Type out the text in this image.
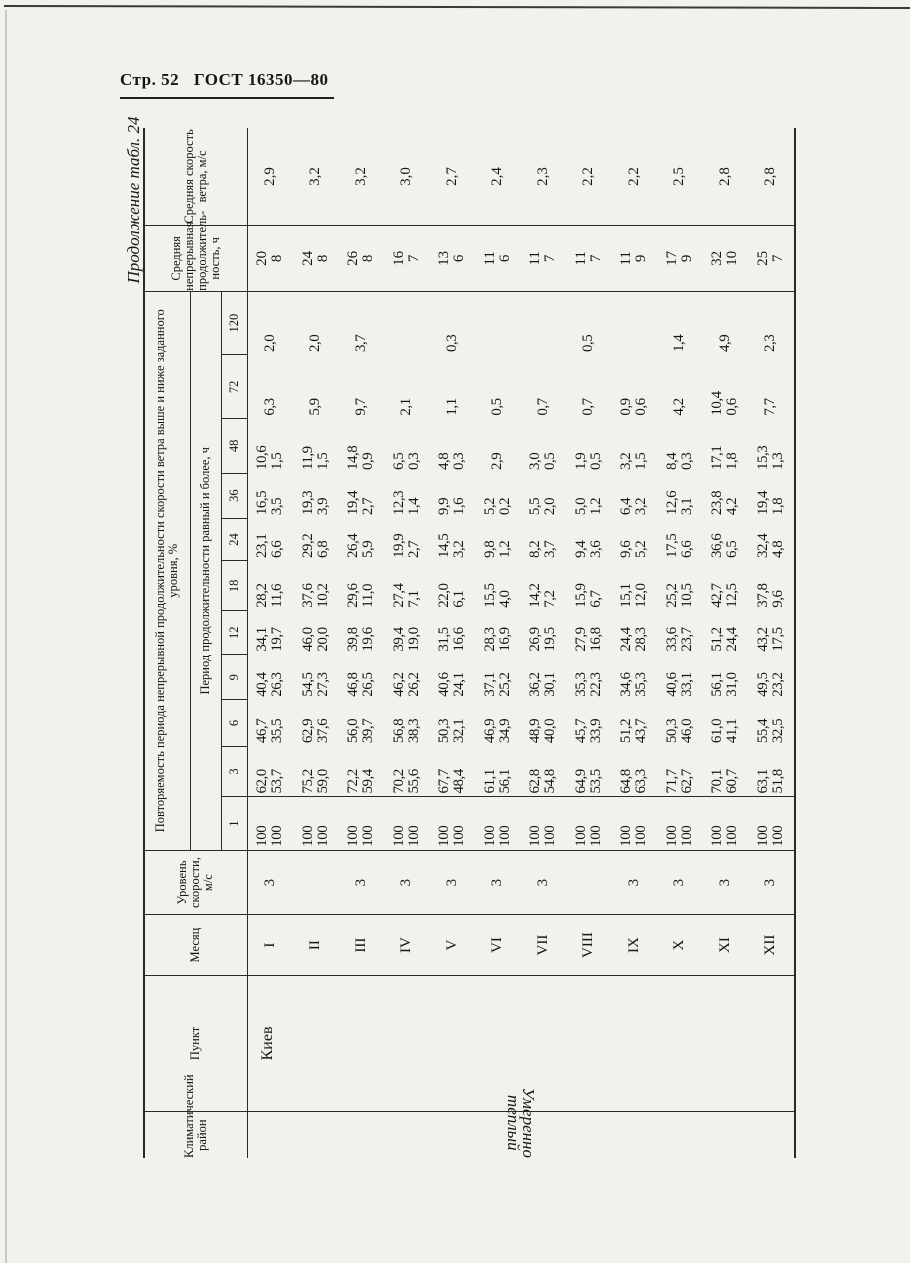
Стр. 52 ГОСТ 16350—80
Продолжение табл. 24
Климатический район	Пункт	Месяц	Уровень скорости, м/с	Повторяемость периода непрерывной продолжительности скорости ветра выше и ниже заданного уровня, %											Средняя непрерывная продолжитель-ность, ч	Средняя скорость ветра, м/с
				Период продолжительности равный и более, ч												
				1	3	6	9	12	18	24	36	48	72	120		
Умеренно теплый	Киев	I	3	100 100	62,0 53,7	46,7 35,5	40,4 26,3	34,1 19,7	28,2 11,6	23,1 6,6	16,5 3,5	10,6 1,5	6,3	2,0	20 8	2,9
		II		100 100	75,2 59,0	62,9 37,6	54,5 27,3	46,0 20,0	37,6 10,2	29,2 6,8	19,3 3,9	11,9 1,5	5,9	2,0	24 8	3,2
		III	3	100 100	72,2 59,4	56,0 39,7	46,8 26,5	39,8 19,6	29,6 11,0	26,4 5,9	19,4 2,7	14,8 0,9	9,7	3,7	26 8	3,2
		IV	3	100 100	70,2 55,6	56,8 38,3	46,2 26,2	39,4 19,0	27,4 7,1	19,9 2,7	12,3 1,4	6,5 0,3	2,1		16 7	3,0
		V	3	100 100	67,7 48,4	50,3 32,1	40,6 24,1	31,5 16,6	22,0 6,1	14,5 3,2	9,9 1,6	4,8 0,3	1,1	0,3	13 6	2,7
		VI	3	100 100	61,1 56,1	46,9 34,9	37,1 25,2	28,3 16,9	15,5 4,0	9,8 1,2	5,2 0,2	2,9	0,5		11 6	2,4
		VII	3	100 100	62,8 54,8	48,9 40,0	36,2 30,1	26,9 19,5	14,2 7,2	8,2 3,7	5,5 2,0	3,0 0,5	0,7		11 7	2,3
		VIII		100 100	64,9 53,5	45,7 33,9	35,3 22,3	27,9 16,8	15,9 6,7	9,4 3,6	5,0 1,2	1,9 0,5	0,7	0,5	11 7	2,2
		IX	3	100 100	64,8 63,3	51,2 43,7	34,6 35,3	24,4 28,3	15,1 12,0	9,6 5,2	6,4 3,2	3,2 1,5	0,9 0,6		11 9	2,2
		X	3	100 100	71,7 62,7	50,3 46,0	40,6 33,1	33,6 23,7	25,2 10,5	17,5 6,6	12,6 3,1	8,4 0,3	4,2	1,4	17 9	2,5
		XI	3	100 100	70,1 60,7	61,0 41,1	56,1 31,0	51,2 24,4	42,7 12,5	36,6 6,5	23,8 4,2	17,1 1,8	10,4 0,6	4,9	32 10	2,8
		XII	3	100 100	63,1 51,8	55,4 32,5	49,5 23,2	43,2 17,5	37,8 9,6	32,4 4,8	19,4 1,8	15,3 1,3	7,7	2,3	25 7	2,8
